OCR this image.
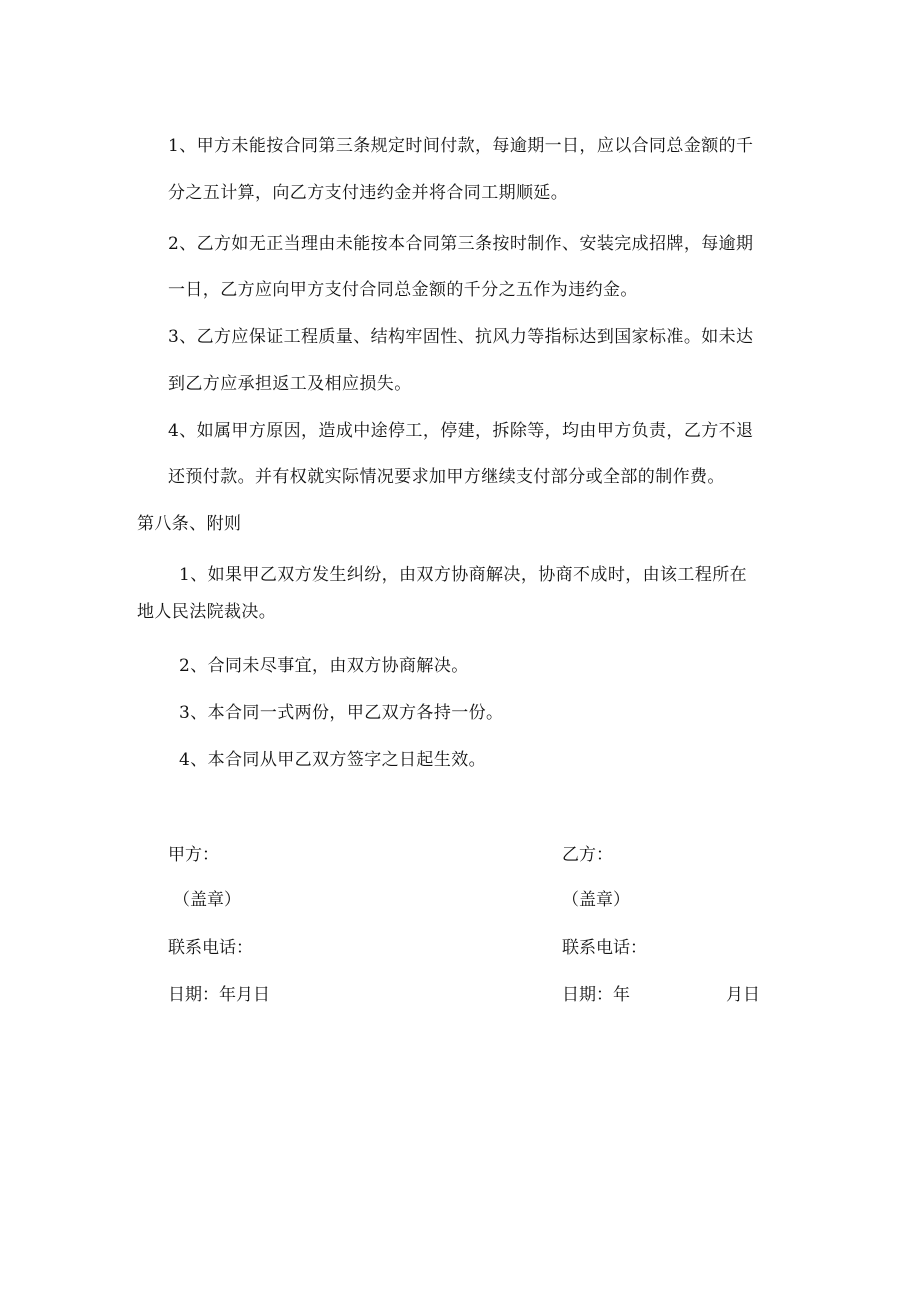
1、甲方未能按合同第三条规定时间付款，每逾期一日，应以合同总金额的千
分之五计算，向乙方支付违约金并将合同工期顺延。
2、乙方如无正当理由未能按本合同第三条按时制作、安装完成招牌，每逾期
一日，乙方应向甲方支付合同总金额的千分之五作为违约金。
3、乙方应保证工程质量、结构牢固性、抗风力等指标达到国家标准。如未达
到乙方应承担返工及相应损失。
4、如属甲方原因，造成中途停工，停建，拆除等，均由甲方负责，乙方不退
还预付款。并有权就实际情况要求加甲方继续支付部分或全部的制作费。
第八条、附则
1、如果甲乙双方发生纠纷，由双方协商解决，协商不成时，由该工程所在
地人民法院裁决。
2、合同未尽事宜，由双方协商解决。
3、本合同一式两份，甲乙双方各持一份。
4、本合同从甲乙双方签字之日起生效。
甲方：
（盖章）
联系电话：
日期：年月日
乙方：
（盖章）
联系电话：
日期：年	月日
